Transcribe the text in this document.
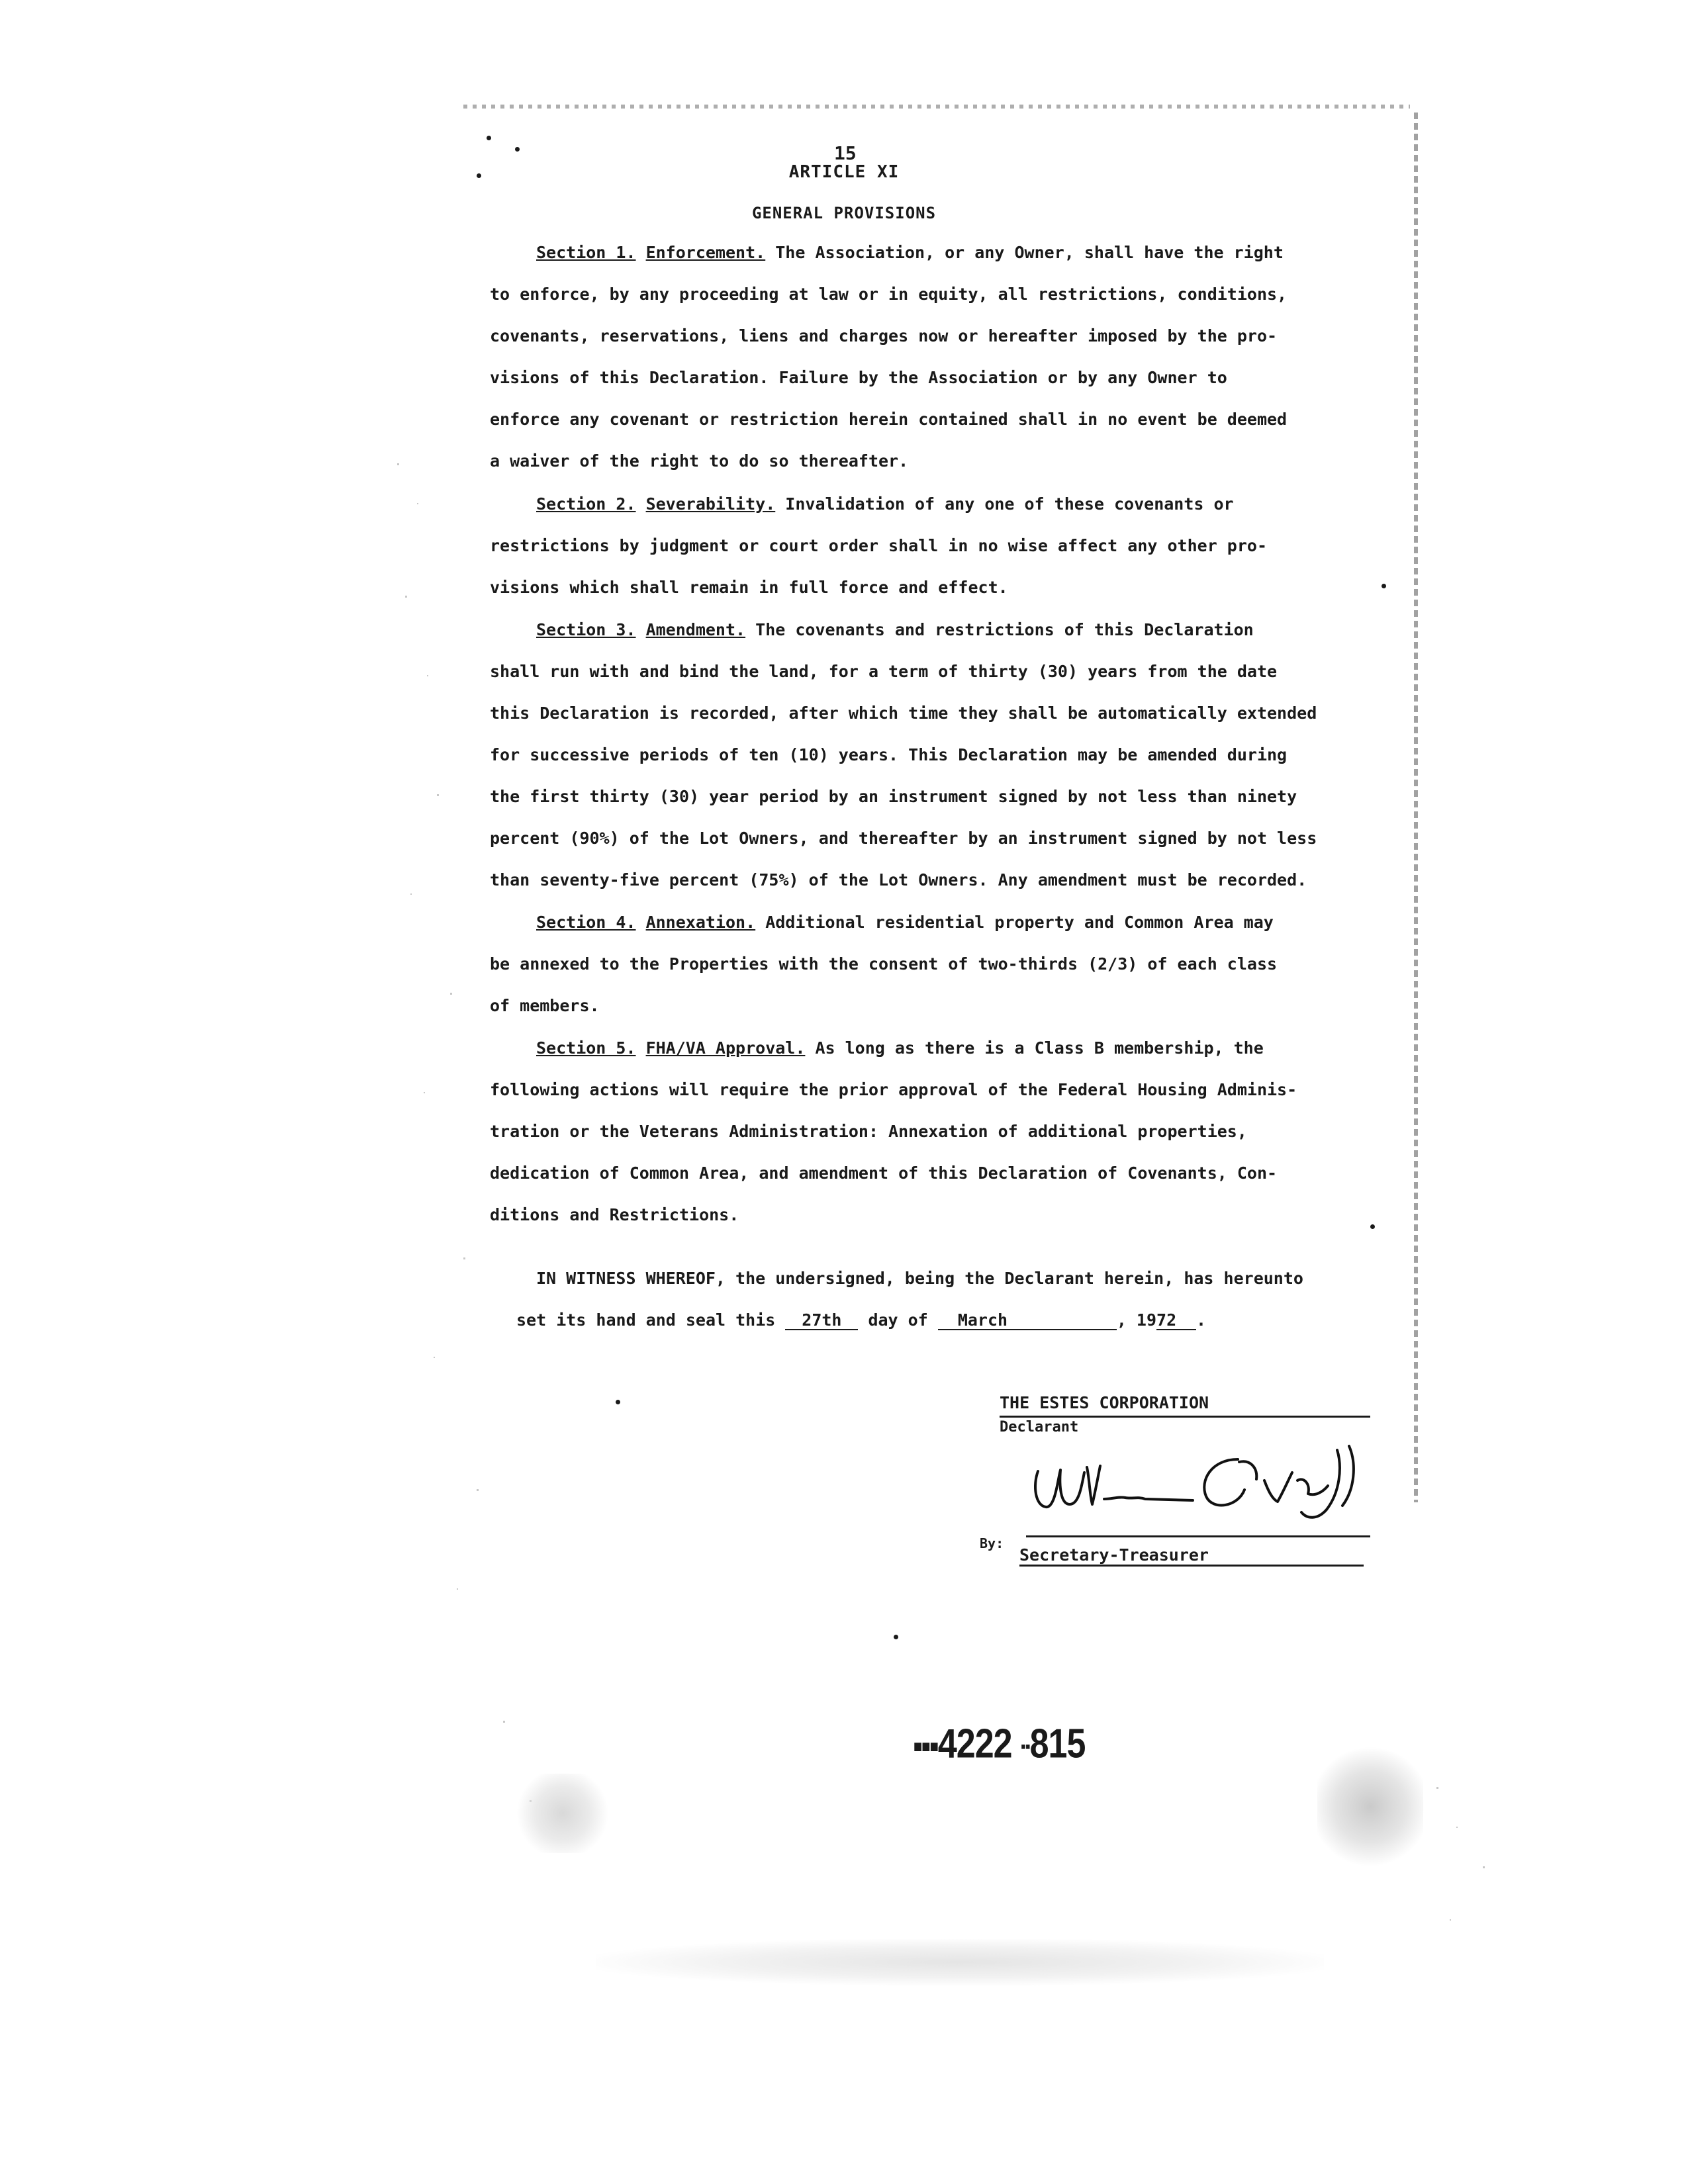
15
ARTICLE XI
GENERAL PROVISIONS
Section 1. Enforcement. The Association, or any Owner, shall have the right
to enforce, by any proceeding at law or in equity, all restrictions, conditions,
covenants, reservations, liens and charges now or hereafter imposed by the pro-
visions of this Declaration. Failure by the Association or by any Owner to
enforce any covenant or restriction herein contained shall in no event be deemed
a waiver of the right to do so thereafter.
Section 2. Severability. Invalidation of any one of these covenants or
restrictions by judgment or court order shall in no wise affect any other pro-
visions which shall remain in full force and effect.
Section 3. Amendment. The covenants and restrictions of this Declaration
shall run with and bind the land, for a term of thirty (30) years from the date
this Declaration is recorded, after which time they shall be automatically extended
for successive periods of ten (10) years. This Declaration may be amended during
the first thirty (30) year period by an instrument signed by not less than ninety
percent (90%) of the Lot Owners, and thereafter by an instrument signed by not less
than seventy-five percent (75%) of the Lot Owners. Any amendment must be recorded.
Section 4. Annexation. Additional residential property and Common Area may
be annexed to the Properties with the consent of two-thirds (2/3) of each class
of members.
Section 5. FHA/VA Approval. As long as there is a Class B membership, the
following actions will require the prior approval of the Federal Housing Adminis-
tration or the Veterans Administration: Annexation of additional properties,
dedication of Common Area, and amendment of this Declaration of Covenants, Con-
ditions and Restrictions.
IN WITNESS WHEREOF, the undersigned, being the Declarant herein, has hereunto
set its hand and seal this 27th day of March	, 1972 .
THE ESTES CORPORATION
Declarant
By:
Secretary-Treasurer
■■■4222 ▪▪815
